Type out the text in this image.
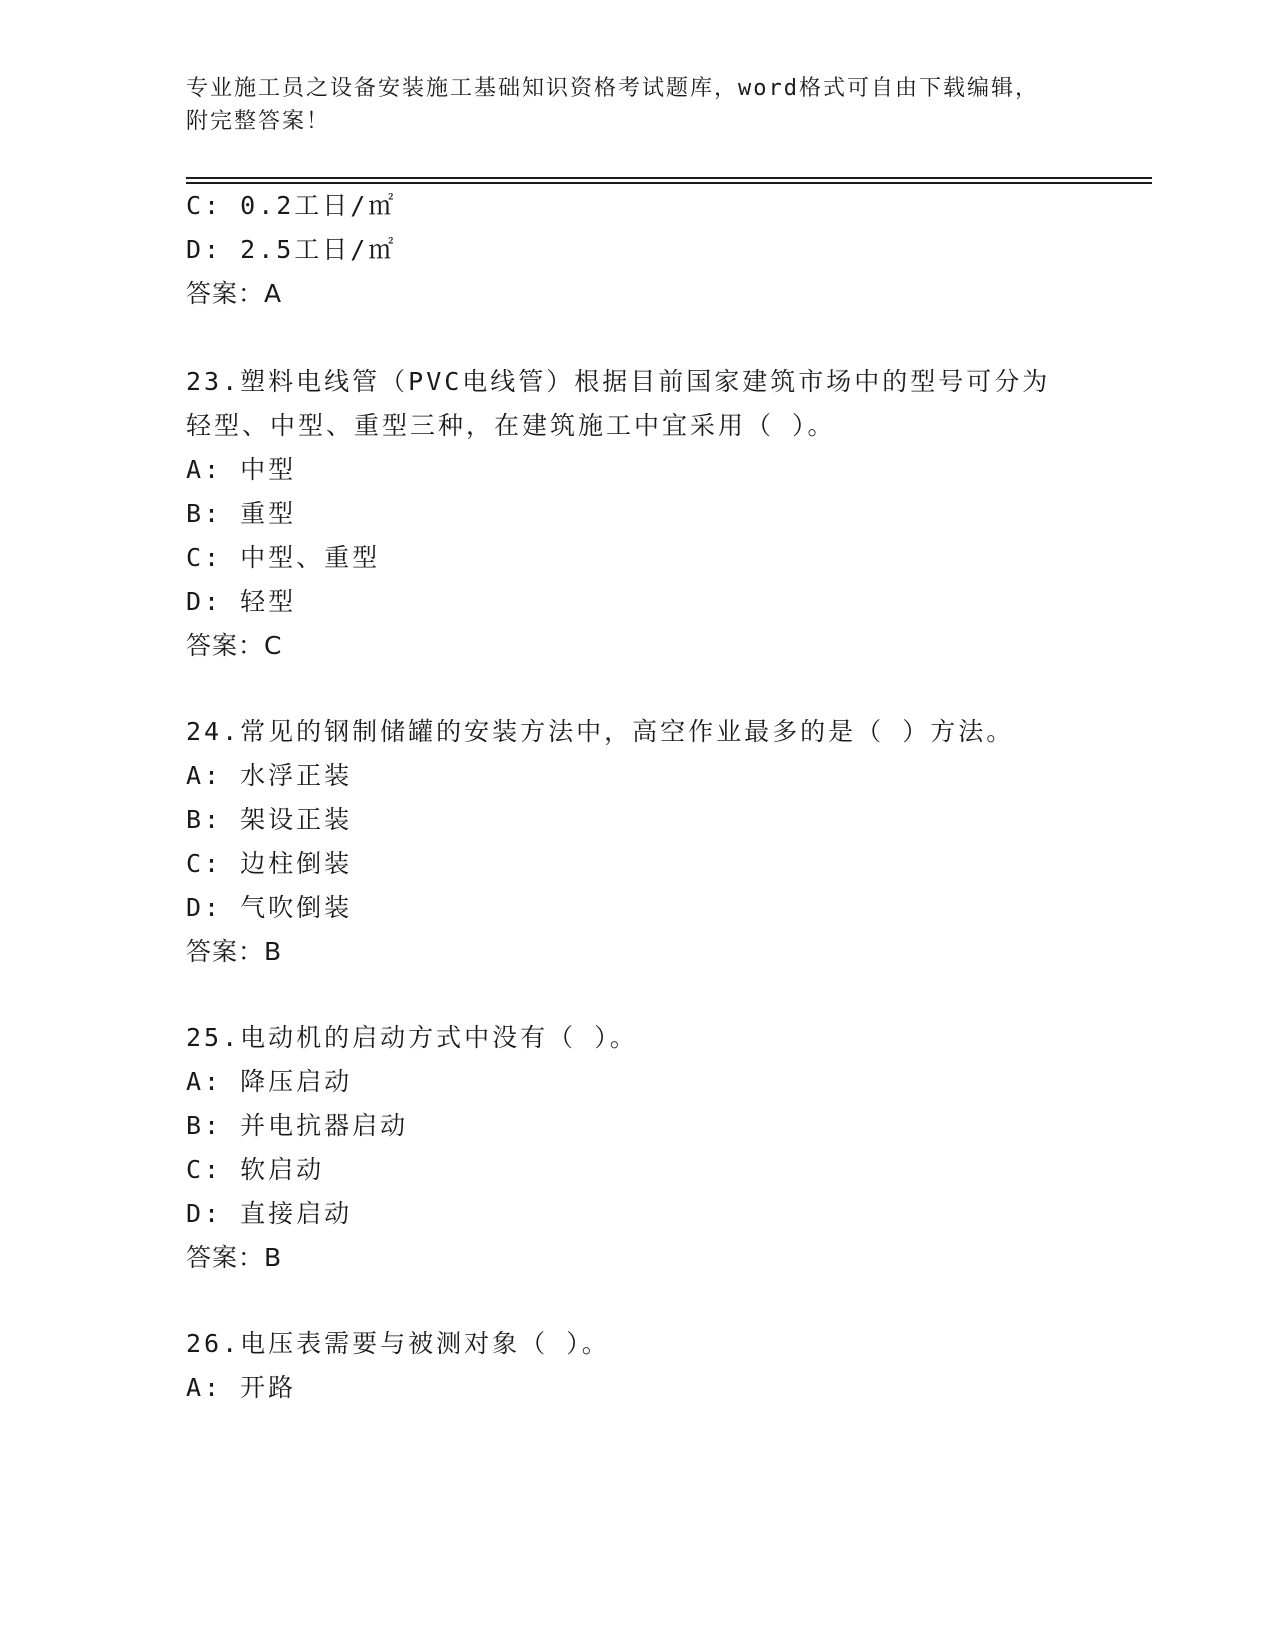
专业施工员之设备安装施工基础知识资格考试题库，word格式可自由下载编辑，
附完整答案！
C: 0.2工日/㎡
D: 2.5工日/㎡
答案：A
23.塑料电线管（PVC电线管）根据目前国家建筑市场中的型号可分为
轻型、中型、重型三种，在建筑施工中宜采用（ ）。
A: 中型
B: 重型
C: 中型、重型
D: 轻型
答案：C
24.常见的钢制储罐的安装方法中，高空作业最多的是（ ）方法。
A: 水浮正装
B: 架设正装
C: 边柱倒装
D: 气吹倒装
答案：B
25.电动机的启动方式中没有（ ）。
A: 降压启动
B: 并电抗器启动
C: 软启动
D: 直接启动
答案：B
26.电压表需要与被测对象（ ）。
A: 开路
